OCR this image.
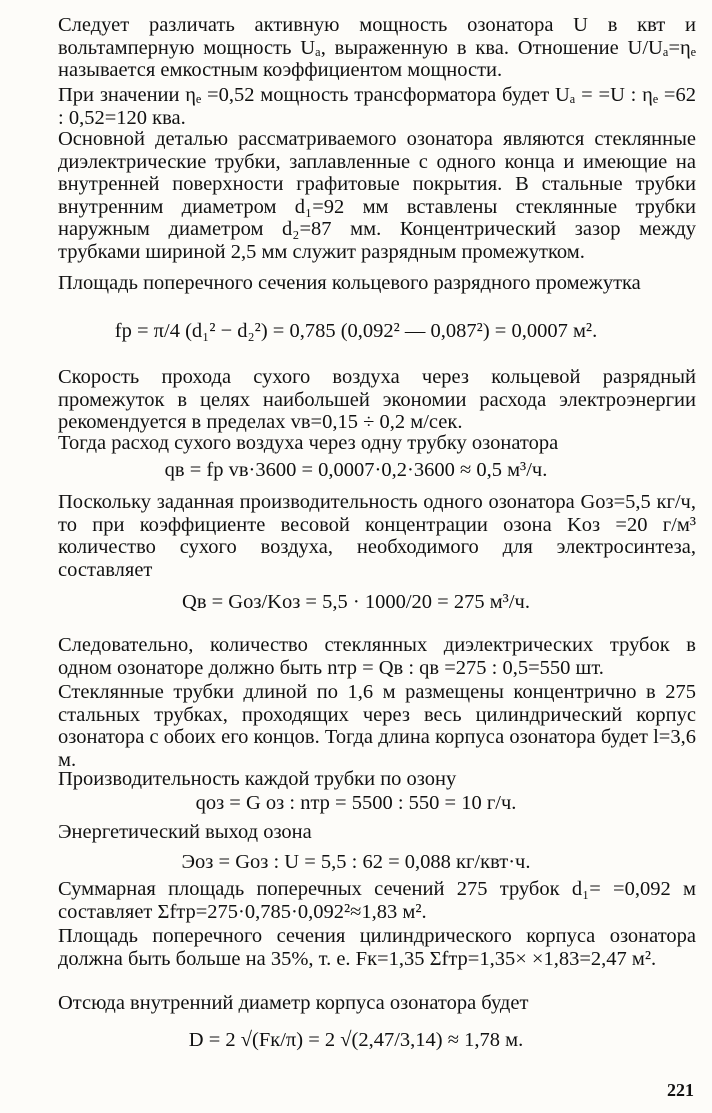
Следует различать активную мощность озонатора U в квт и вольтамперную мощность Uₐ, выраженную в ква. Отношение U/Uₐ=ηₑ называется емкостным коэффициентом мощности.

При значении ηₑ =0,52 мощность трансформатора будет Uₐ = =U : ηₑ =62 : 0,52=120 ква.

Основной деталью рассматриваемого озонатора являются стеклянные диэлектрические трубки, заплавленные с одного конца и имеющие на внутренней поверхности графитовые покрытия. В стальные трубки внутренним диаметром d₁=92 мм вставлены стеклянные трубки наружным диаметром d₂=87 мм. Концентрический зазор между трубками шириной 2,5 мм служит разрядным промежутком.

Площадь поперечного сечения кольцевого разрядного промежутка

fр = π/4 (d₁² − d₂²) = 0,785 (0,092² — 0,087²) = 0,0007 м².

Скорость прохода сухого воздуха через кольцевой разрядный промежуток в целях наибольшей экономии расхода электроэнергии рекомендуется в пределах vв=0,15 ÷ 0,2 м/сек.

Тогда расход сухого воздуха через одну трубку озонатора

qв = fр vв·3600 = 0,0007·0,2·3600 ≈ 0,5 м³/ч.

Поскольку заданная производительность одного озонатора Gоз=5,5 кг/ч, то при коэффициенте весовой концентрации озона Kоз =20 г/м³ количество сухого воздуха, необходимого для электросинтеза, составляет

Qв = Gоз/Kоз = 5,5 · 1000/20 = 275 м³/ч.

Следовательно, количество стеклянных диэлектрических трубок в одном озонаторе должно быть nтр = Qв : qв =275 : 0,5=550 шт.

Стеклянные трубки длиной по 1,6 м размещены концентрично в 275 стальных трубках, проходящих через весь цилиндрический корпус озонатора с обоих его концов. Тогда длина корпуса озонатора будет l=3,6 м.

Производительность каждой трубки по озону

qоз = G оз : nтр = 5500 : 550 = 10 г/ч.

Энергетический выход озона

Эоз = Gоз : U = 5,5 : 62 = 0,088 кг/квт·ч.

Суммарная площадь поперечных сечений 275 трубок d₁= =0,092 м составляет Σfтр=275·0,785·0,092²≈1,83 м².

Площадь поперечного сечения цилиндрического корпуса озонатора должна быть больше на 35%, т. е. Fк=1,35 Σfтр=1,35× ×1,83=2,47 м².

Отсюда внутренний диаметр корпуса озонатора будет

D = 2 √(Fк/π) = 2 √(2,47/3,14) ≈ 1,78 м.
221
